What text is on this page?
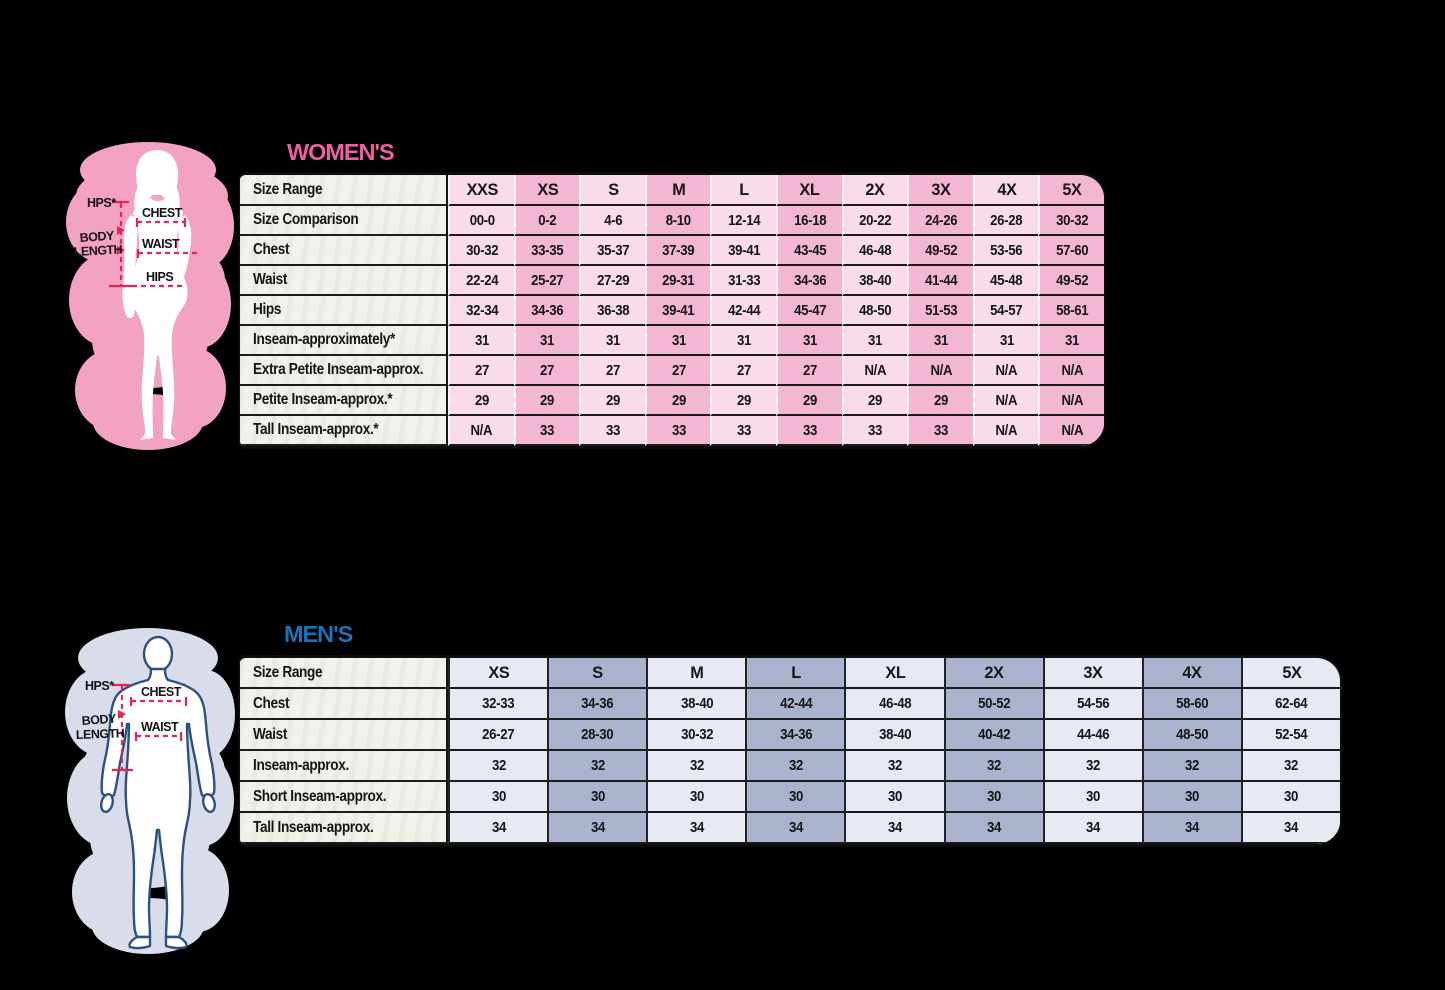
HPS*
BODY
LENGTH
CHEST
WAIST
HIPS
HPS*
BODY
LENGTH
CHEST
WAIST
WOMEN'S
MEN'S
Size Range	XXS XS	S	M	L	XL	2X	3X	4X	5X
Size Comparison	00-0	0-2	4-6	8-10 12-14 16-18 20-22 24-26 26-28 30-32
Chest	30-32 33-35 35-37 37-39 39-41 43-45 46-48 49-52 53-56 57-60
Waist	22-24 25-27 27-29 29-31 31-33 34-36 38-40 41-44 45-48 49-52
Hips	32-34 34-36 36-38 39-41 42-44 45-47 48-50 51-53 54-57 58-61
Inseam-approximately*	31	31	31	31	31	31	31	31	31	31
Extra Petite Inseam-approx.	27	27	27	27	27	27	N/A	N/A	N/A	N/A
Petite Inseam-approx.*	29	29	29	29	29	29	29	29	N/A	N/A
Tall Inseam-approx.*	N/A	33	33	33	33	33	33	33	N/A	N/A
Size Range	XS	S	M	L	XL	2X	3X	4X	5X
Chest	32-33	34-36	38-40	42-44	46-48	50-52	54-56	58-60	62-64
Waist	26-27	28-30	30-32	34-36	38-40	40-42	44-46	48-50	52-54
Inseam-approx.	32	32	32	32	32	32	32	32	32
Short Inseam-approx.	30	30	30	30	30	30	30	30	30
Tall Inseam-approx.	34	34	34	34	34	34	34	34	34
